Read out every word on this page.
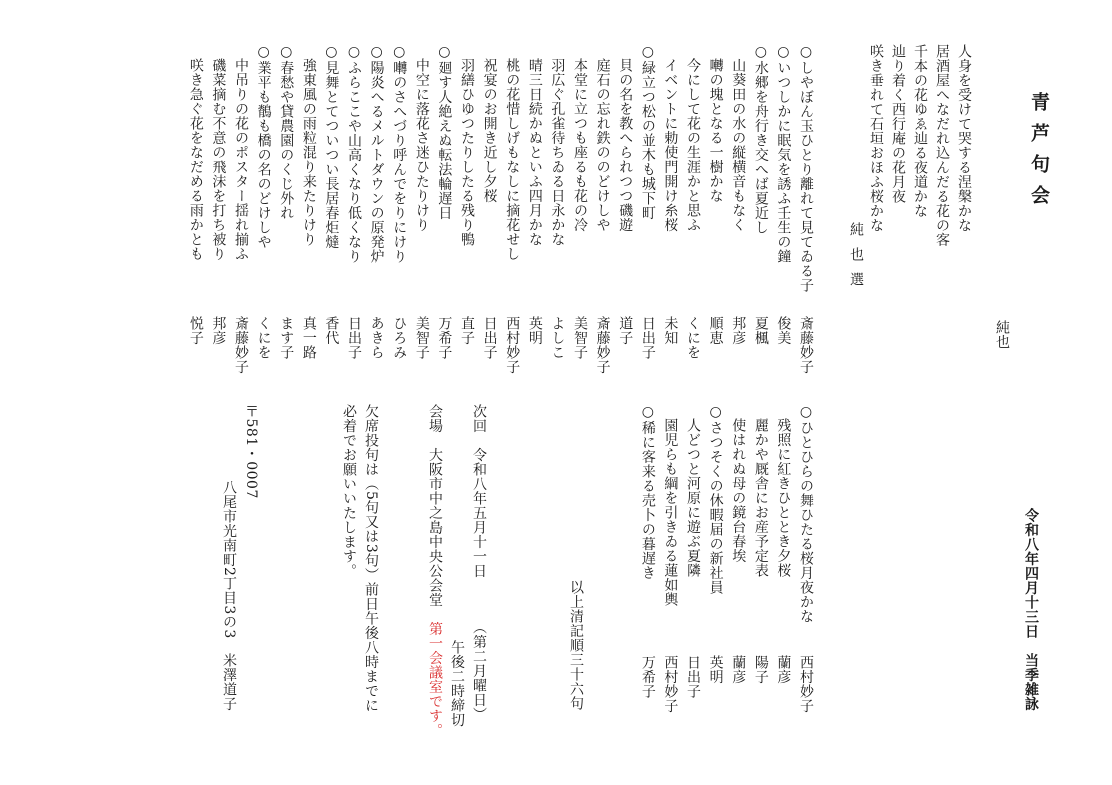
青芦句会
令和八年四月十三日　当季雑詠
人身を受けて哭する涅槃かな
純也
居酒屋へなだれ込んだる花の客
千本の花ゆゑ辿る夜道かな
辿り着く西行庵の花月夜
咲き垂れて石垣おほふ桜かな
純也選
○しやぼん玉ひとり離れて見てゐる子
斎藤妙子
○いつしかに眠気を誘ふ壬生の鐘
俊美
○水郷を舟行き交へば夏近し
夏楓
山葵田の水の縦横音もなく
邦彦
囀の塊となる一樹かな
順恵
今にして花の生涯かと思ふ
くにを
イベントに勅使門開け糸桜
未知
○緑立つ松の並木も城下町
日出子
貝の名を教へられつつ磯遊
道子
庭石の忘れ鉄ののどけしや
斎藤妙子
本堂に立つも座るも花の冷
美智子
羽広ぐ孔雀待ちゐる日永かな
よしこ
晴三日続かぬといふ四月かな
英明
桃の花惜しげもなしに摘花せし
西村妙子
祝宴のお開き近し夕桜
日出子
羽繕ひゆつたりしたる残り鴨
直子
○廻す人絶えぬ転法輪遅日
万希子
中空に落花さ迷ひたりけり
美智子
○囀のさへづり呼んでをりにけり
ひろみ
○陽炎へるメルトダウンの原発炉
あきら
○ふらここや山高くなり低くなり
日出子
○見舞とてついつい長居春炬燵
香代
強東風の雨粒混り来たりけり
真一路
○春愁や貸農園のくじ外れ
ます子
○業平も鶺も橋の名のどけしや
くにを
中吊りの花のポスター揺れ揃ふ
斎藤妙子
磯菜摘む不意の飛沫を打ち被り
邦彦
咲き急ぐ花をなだめる雨かとも
悦子
○ひとひらの舞ひたる桜月夜かな
西村妙子
残照に紅きひととき夕桜
蘭彦
麗かや厩舎にお産予定表
陽子
使はれぬ母の鏡台春埃
蘭彦
○さつそくの休暇届の新社員
英明
人どつと河原に遊ぶ夏隣
日出子
園児らも綱を引きゐる蓮如輿
西村妙子
○稀に客来る売卜の暮遅き
万希子
以上清記順三十六句
次回　令和八年五月十一日
（第二月曜日）
午後二時締切
会場　大阪市中之島中央公会堂　第一会議室です。
欠席投句は（5句又は3句）前日午後八時までに
必着でお願いいたします。
〒581・0007
八尾市光南町2丁目3の3　米澤道子
